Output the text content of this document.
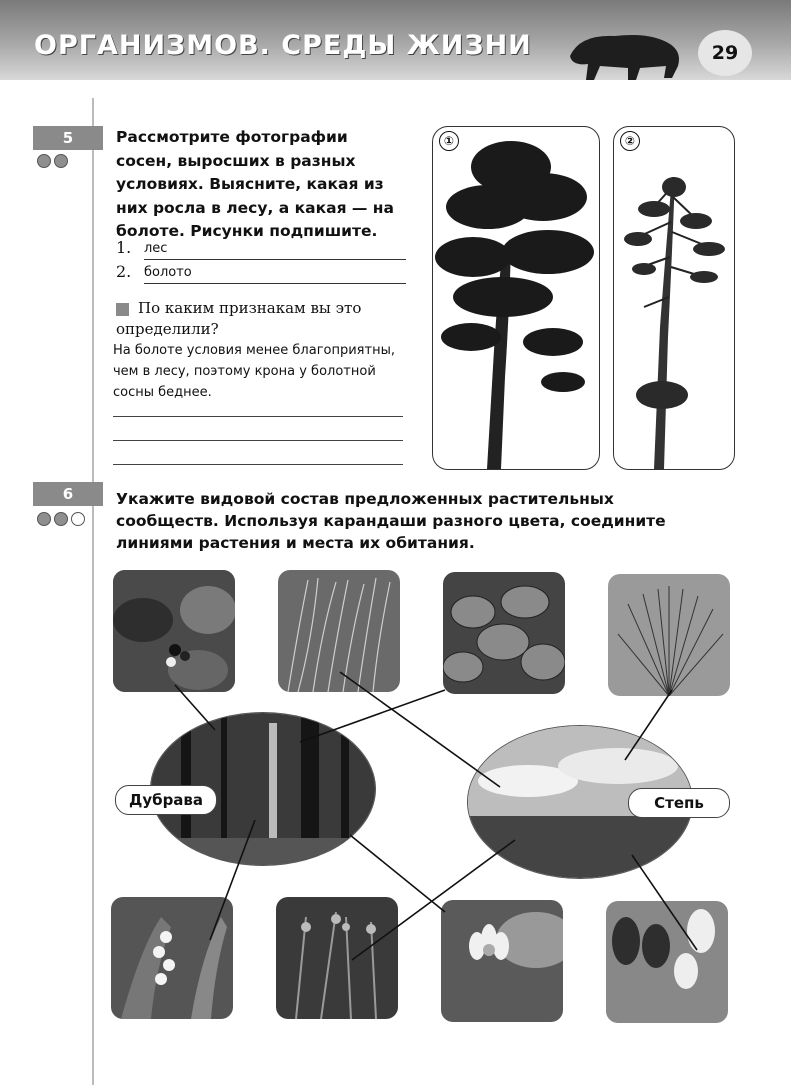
ОРГАНИЗМОВ. СРЕДЫ ЖИЗНИ	29
5	Рассмотрите фотографии сосен, выросших в разных условиях. Выясните, какая из них росла в лесу, а какая — на болоте. Рисунки подпишите.
1. лес
2. болото
По каким признакам вы это определили?
На болоте условия менее благоприятны, чем в лесу, поэтому крона у болотной сосны беднее.
①	②
6	Укажите видовой состав предложенных растительных сообществ. Используя карандаши разного цвета, соедините линиями растения и места их обитания.
Дубрава	Степь
